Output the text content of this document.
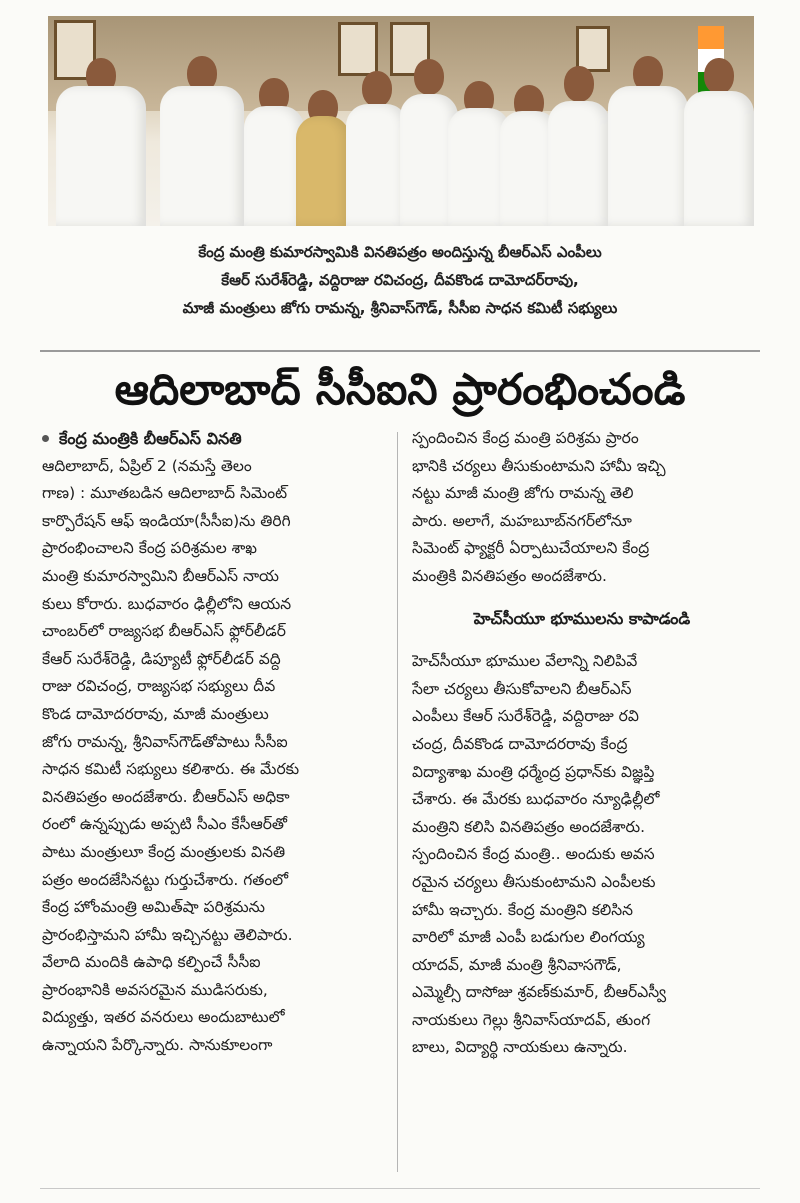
కేంద్ర మంత్రి కుమారస్వామికి వినతిపత్రం అందిస్తున్న బీఆర్ఎస్ ఎంపీలు
కేఆర్ సురేశ్‌రెడ్డి, వద్దిరాజు రవిచంద్ర, దీవకొండ దామోదర్‌రావు,
మాజీ మంత్రులు జోగు రామన్న, శ్రీనివాస్‌గౌడ్, సీసీఐ సాధన కమిటీ సభ్యులు
ఆదిలాబాద్ సీసీఐని ప్రారంభించండి
కేంద్ర మంత్రికి బీఆర్ఎస్ వినతి
ఆదిలాబాద్, ఏప్రిల్ 2 (నమస్తే తెలం
గాణ) : మూతబడిన ఆదిలాబాద్ సిమెంట్
కార్పొరేషన్ ఆఫ్ ఇండియా(సీసీఐ)ను తిరిగి
ప్రారంభించాలని కేంద్ర పరిశ్రమల శాఖ
మంత్రి కుమారస్వామిని బీఆర్ఎస్ నాయ
కులు కోరారు. బుధవారం ఢిల్లీలోని ఆయన
చాంబర్‌లో రాజ్యసభ బీఆర్ఎస్ ఫ్లోర్‌లీడర్
కేఆర్ సురేశ్‌రెడ్డి, డిప్యూటీ ఫ్లోర్‌లీడర్ వద్ది
రాజు రవిచంద్ర, రాజ్యసభ సభ్యులు దీవ
కొండ దామోదరరావు, మాజీ మంత్రులు
జోగు రామన్న, శ్రీనివాస్‌గౌడ్‌తోపాటు సీసీఐ
సాధన కమిటీ సభ్యులు కలిశారు. ఈ మేరకు
వినతిపత్రం అందజేశారు. బీఆర్ఎస్ అధికా
రంలో ఉన్నప్పుడు అప్పటి సీఎం కేసీఆర్‌తో
పాటు మంత్రులూ కేంద్ర మంత్రులకు వినతి
పత్రం అందజేసినట్టు గుర్తుచేశారు. గతంలో
కేంద్ర హోంమంత్రి అమిత్‌షా పరిశ్రమను
ప్రారంభిస్తామని హామీ ఇచ్చినట్టు తెలిపారు.
వేలాది మందికి ఉపాధి కల్పించే సీసీఐ
ప్రారంభానికి అవసరమైన ముడిసరుకు,
విద్యుత్తు, ఇతర వనరులు అందుబాటులో
ఉన్నాయని పేర్కొన్నారు. సానుకూలంగా
స్పందించిన కేంద్ర మంత్రి పరిశ్రమ ప్రారం
భానికి చర్యలు తీసుకుంటామని హామీ ఇచ్చి
నట్టు మాజీ మంత్రి జోగు రామన్న తెలి
పారు. అలాగే, మహబూబ్‌నగర్‌లోనూ
సిమెంట్ ఫ్యాక్టరీ ఏర్పాటుచేయాలని కేంద్ర
మంత్రికి వినతిపత్రం అందజేశారు.
హెచ్‌సీయూ భూములను కాపాడండి
హెచ్‌సీయూ భూముల వేలాన్ని నిలిపివే
సేలా చర్యలు తీసుకోవాలని బీఆర్ఎస్
ఎంపీలు కేఆర్ సురేశ్‌రెడ్డి, వద్దిరాజు రవి
చంద్ర, దీవకొండ దామోదరరావు కేంద్ర
విద్యాశాఖ మంత్రి ధర్మేంద్ర ప్రధాన్‌కు విజ్ఞప్తి
చేశారు. ఈ మేరకు బుధవారం న్యూఢిల్లీలో
మంత్రిని కలిసి వినతిపత్రం అందజేశారు.
స్పందించిన కేంద్ర మంత్రి.. అందుకు అవస
రమైన చర్యలు తీసుకుంటామని ఎంపీలకు
హామీ ఇచ్చారు. కేంద్ర మంత్రిని కలిసిన
వారిలో మాజీ ఎంపీ బడుగుల లింగయ్య
యాదవ్, మాజీ మంత్రి శ్రీనివాసగౌడ్,
ఎమ్మెల్సీ దాసోజు శ్రవణ్‌కుమార్, బీఆర్ఎస్వీ
నాయకులు గెల్లు శ్రీనివాస్‌యాదవ్, తుంగ
బాలు, విద్యార్థి నాయకులు ఉన్నారు.
